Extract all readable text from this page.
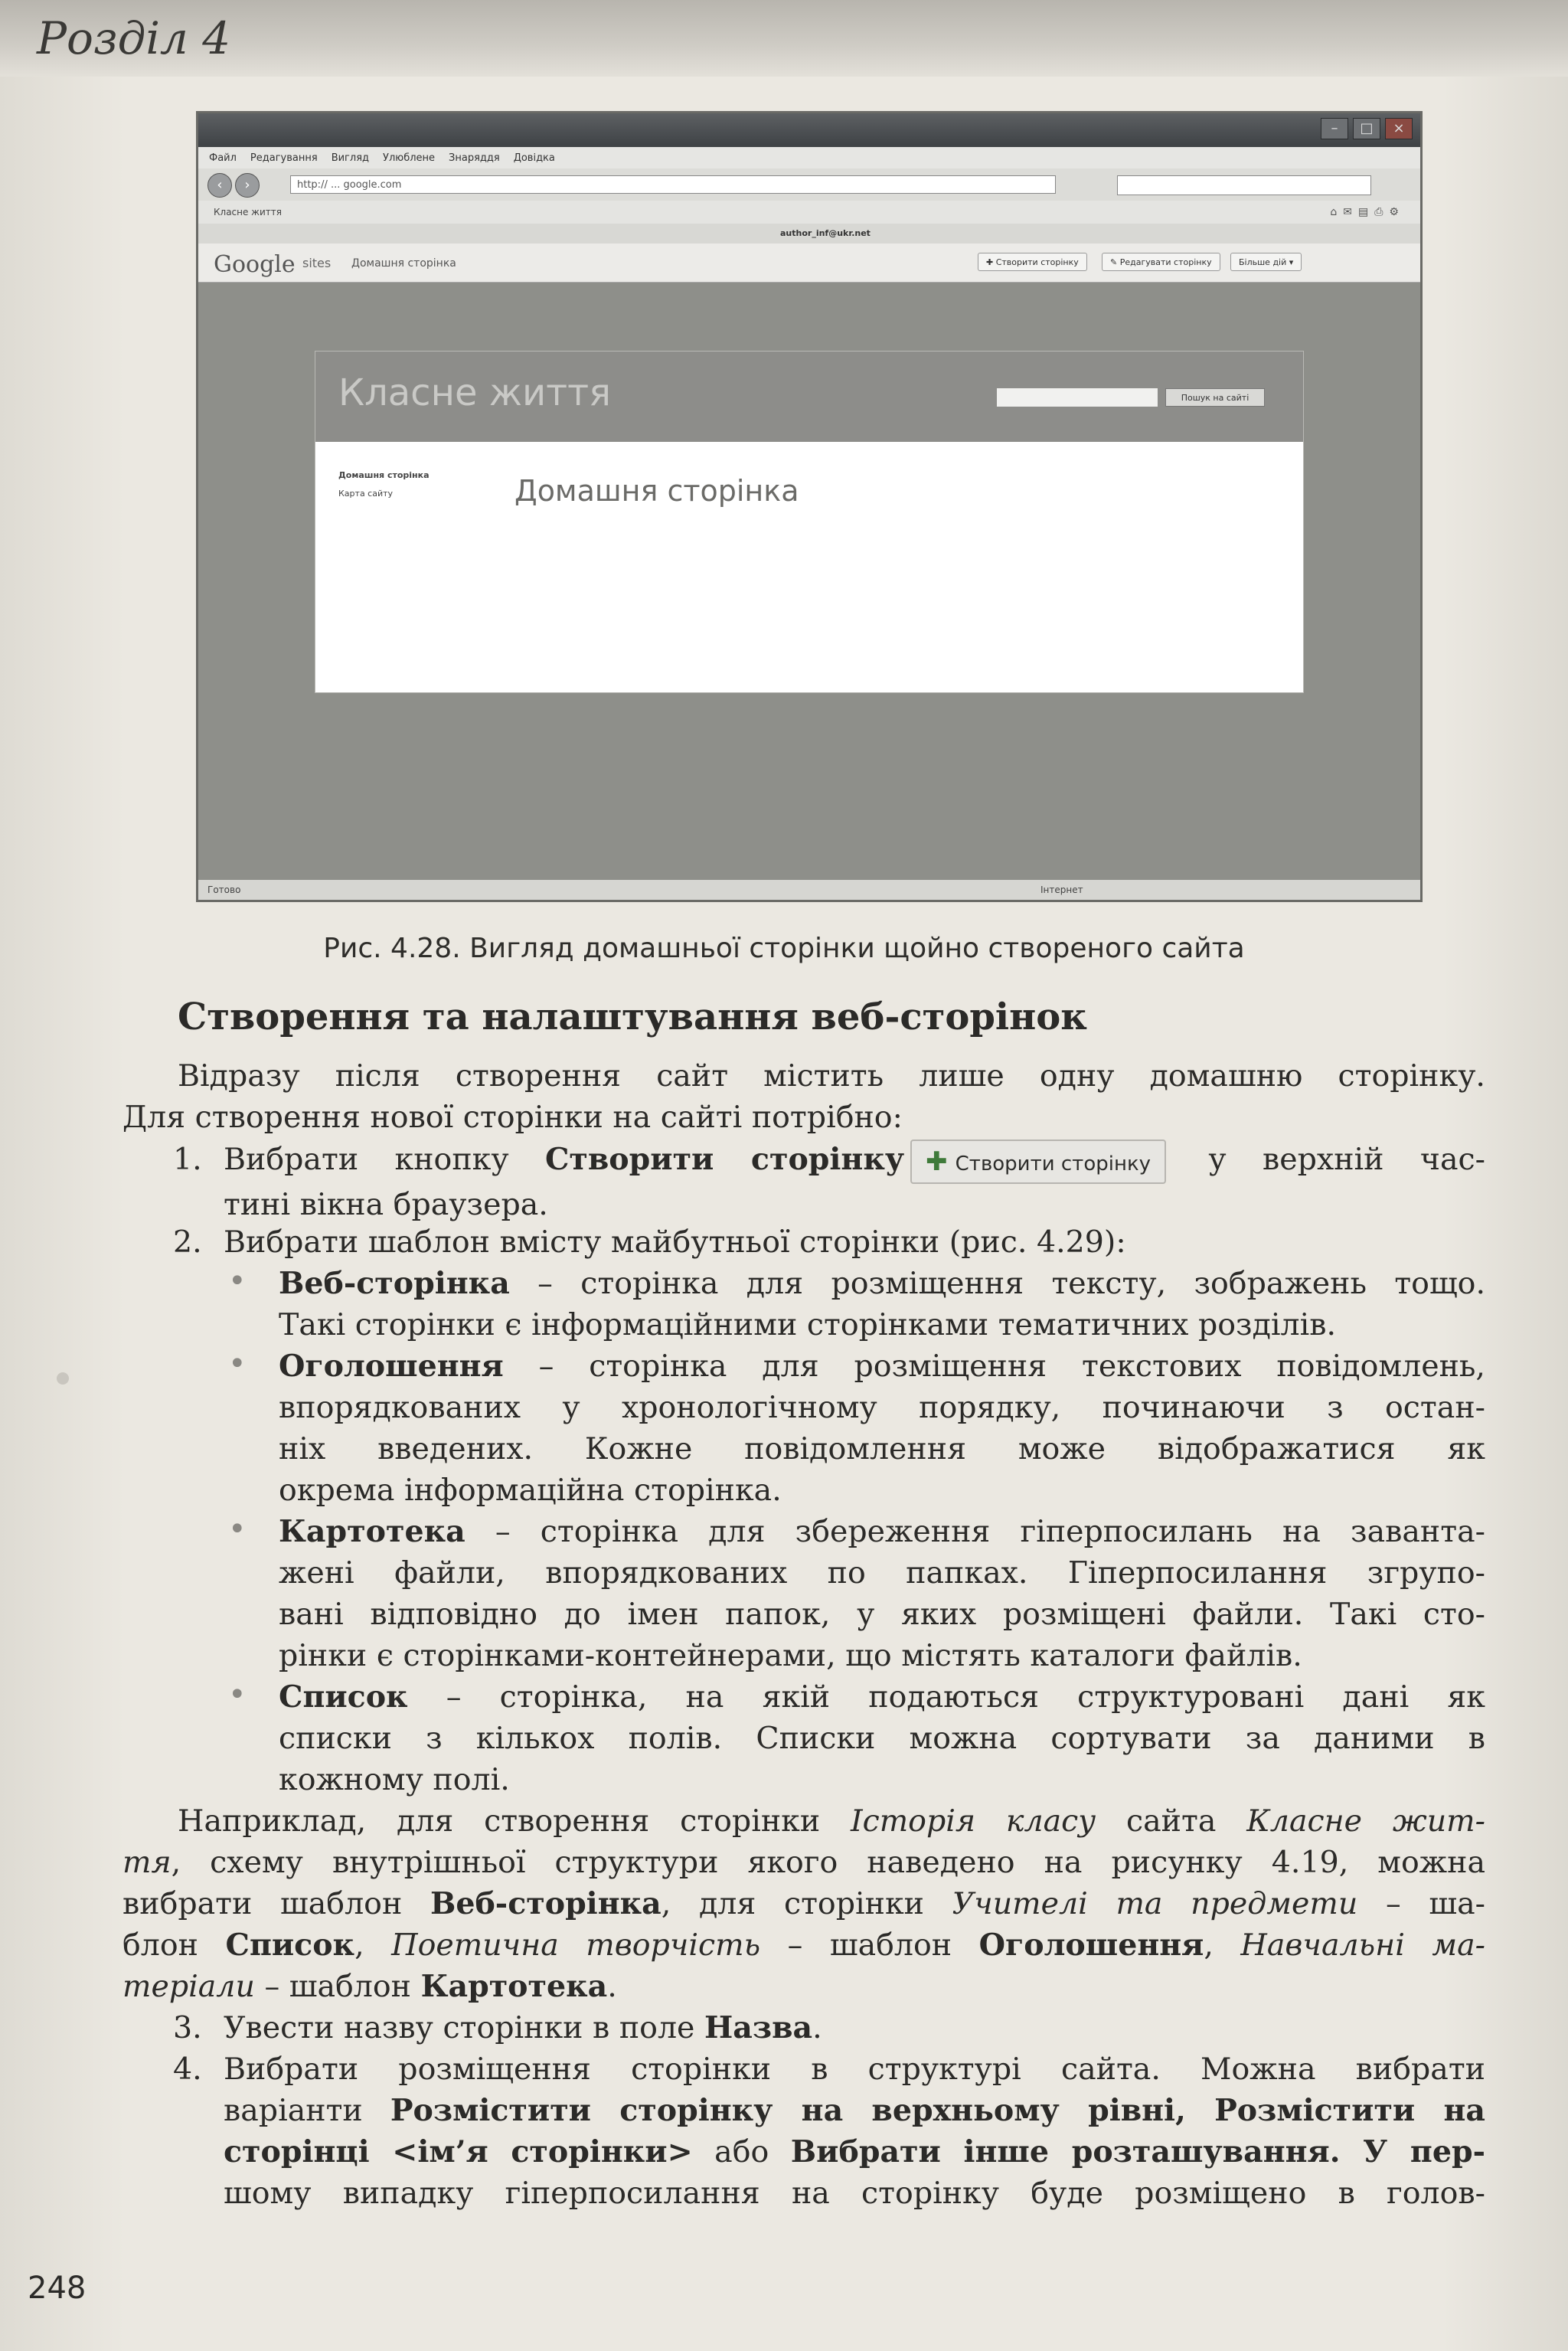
Розділ 4
–	□	×
Файл Редагування Вигляд Улюблене Знаряддя Довідка
‹	›	http:// ... google.com
Класне життя	⌂✉▤⎙⚙
author_inf@ukr.net
Google sites Домашня сторінка	✚ Створити сторінку	✎ Редагувати сторінку	Більше дій ▾
Класне життя	Пошук на сайті
Домашня сторінка
Карта сайту	Домашня сторінка
Готово	Інтернет
Рис. 4.28. Вигляд домашньої сторінки щойно створеного сайта
Створення та налаштування веб-сторінок
Відразу після створення сайт містить лише одну домашню сторінку.
Для створення нової сторінки на сайті потрібно:
1. Вибрати кнопку Створити сторінку ✚ Створити сторінку у верхній час-
тині вікна браузера.
2. Вибрати шаблон вмісту майбутньої сторінки (рис. 4.29):
• Веб-сторінка – сторінка для розміщення тексту, зображень тощо.
Такі сторінки є інформаційними сторінками тематичних розділів.
• Оголошення – сторінка для розміщення текстових повідомлень,
впорядкованих у хронологічному порядку, починаючи з остан-
ніх введених. Кожне повідомлення може відображатися як
окрема інформаційна сторінка.
• Картотека – сторінка для збереження гіперпосилань на заванта-
жені файли, впорядкованих по папках. Гіперпосилання згрупо-
вані відповідно до імен папок, у яких розміщені файли. Такі сто-
рінки є сторінками-контейнерами, що містять каталоги файлів.
• Список – сторінка, на якій подаються структуровані дані як
списки з кількох полів. Списки можна сортувати за даними в
кожному полі.
Наприклад, для створення сторінки Історія класу сайта Класне жит-
тя, схему внутрішньої структури якого наведено на рисунку 4.19, можна
вибрати шаблон Веб-сторінка, для сторінки Учителі та предмети – ша-
блон Список, Поетична творчість – шаблон Оголошення, Навчальні ма-
теріали – шаблон Картотека.
3. Увести назву сторінки в поле Назва.
4. Вибрати розміщення сторінки в структурі сайта. Можна вибрати
варіанти Розмістити сторінку на верхньому рівні, Розмістити на
сторінці <ім’я сторінки> або Вибрати інше розташування. У пер-
шому випадку гіперпосилання на сторінку буде розміщено в голов-
248
